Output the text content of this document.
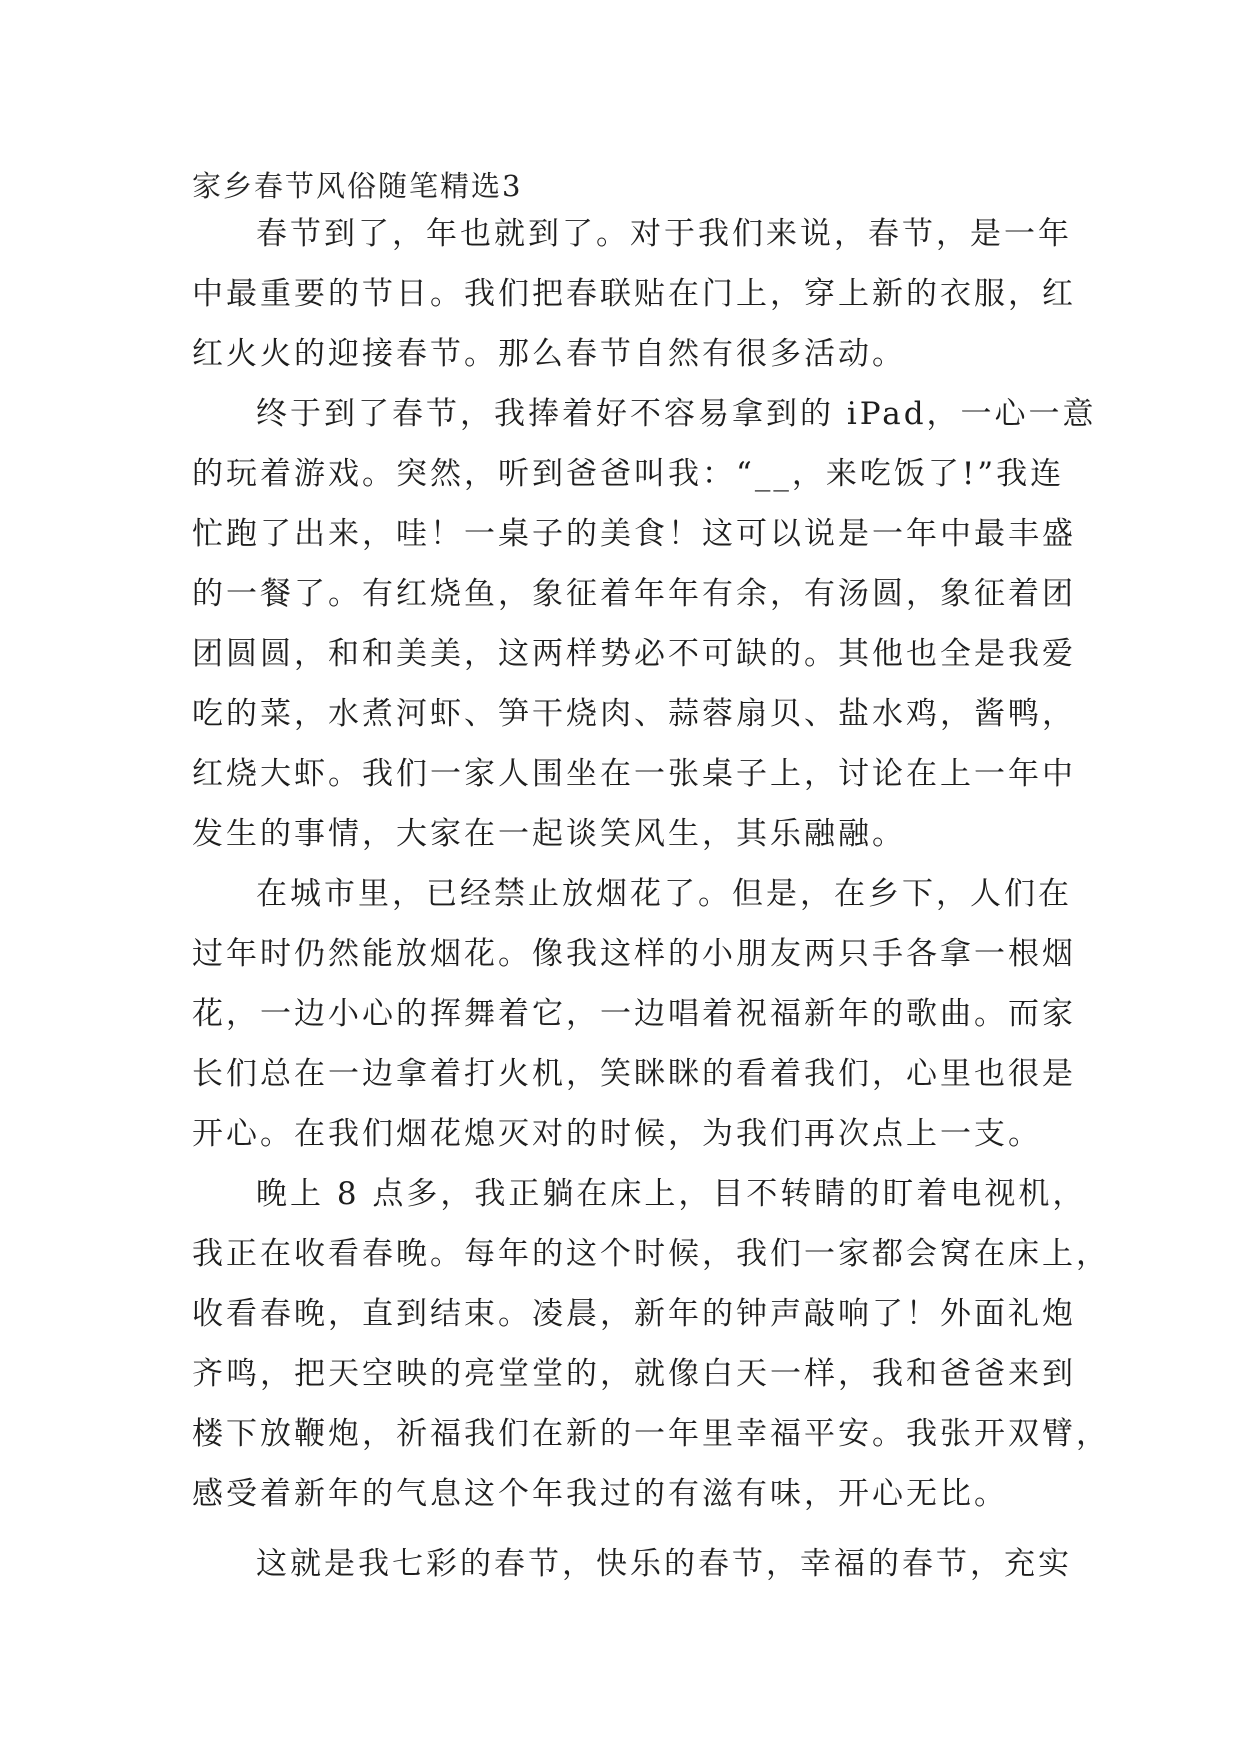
家乡春节风俗随笔精选3
春节到了，年也就到了。对于我们来说，春节，是一年
中最重要的节日。我们把春联贴在门上，穿上新的衣服，红
红火火的迎接春节。那么春节自然有很多活动。
终于到了春节，我捧着好不容易拿到的 iPad，一心一意
的玩着游戏。突然，听到爸爸叫我：“__，来吃饭了!”我连
忙跑了出来，哇！一桌子的美食！这可以说是一年中最丰盛
的一餐了。有红烧鱼，象征着年年有余，有汤圆，象征着团
团圆圆，和和美美，这两样势必不可缺的。其他也全是我爱
吃的菜，水煮河虾、笋干烧肉、蒜蓉扇贝、盐水鸡，酱鸭，
红烧大虾。我们一家人围坐在一张桌子上，讨论在上一年中
发生的事情，大家在一起谈笑风生，其乐融融。
在城市里，已经禁止放烟花了。但是，在乡下，人们在
过年时仍然能放烟花。像我这样的小朋友两只手各拿一根烟
花，一边小心的挥舞着它，一边唱着祝福新年的歌曲。而家
长们总在一边拿着打火机，笑眯眯的看着我们，心里也很是
开心。在我们烟花熄灭对的时候，为我们再次点上一支。
晚上 8 点多，我正躺在床上，目不转睛的盯着电视机，
我正在收看春晚。每年的这个时候，我们一家都会窝在床上，
收看春晚，直到结束。凌晨，新年的钟声敲响了！外面礼炮
齐鸣，把天空映的亮堂堂的，就像白天一样，我和爸爸来到
楼下放鞭炮，祈福我们在新的一年里幸福平安。我张开双臂，
感受着新年的气息这个年我过的有滋有味，开心无比。
这就是我七彩的春节，快乐的春节，幸福的春节，充实
